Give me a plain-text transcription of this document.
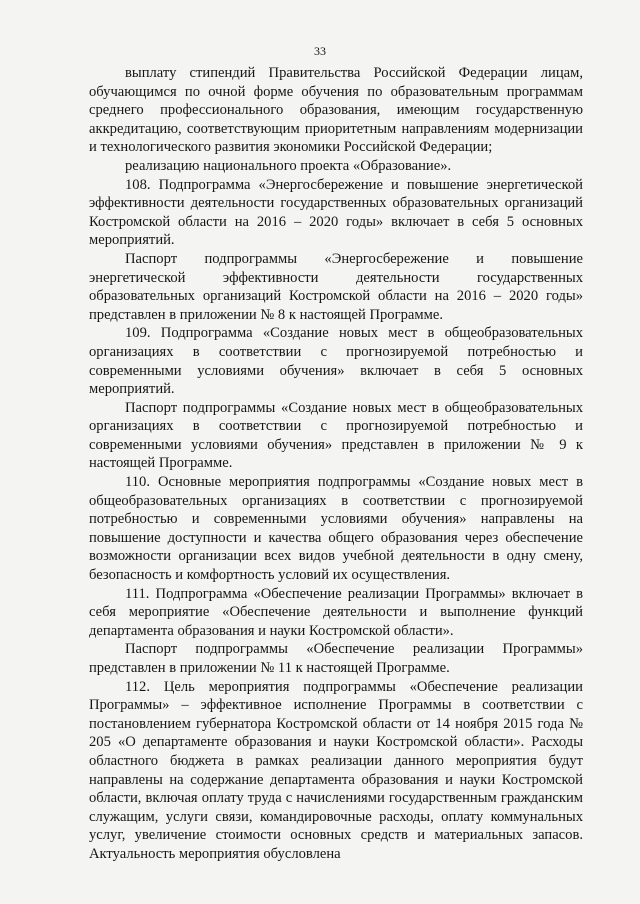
33

выплату стипендий Правительства Российской Федерации лицам, обучающимся по очной форме обучения по образовательным программам среднего профессионального образования, имеющим государственную аккредитацию, соответствующим приоритетным направлениям модернизации и технологического развития экономики Российской Федерации;

реализацию национального проекта «Образование».

108. Подпрограмма «Энергосбережение и повышение энергетической эффективности деятельности государственных образовательных организаций Костромской области на 2016 – 2020 годы» включает в себя 5 основных мероприятий.

Паспорт подпрограммы «Энергосбережение и повышение энергетической эффективности деятельности государственных образовательных организаций Костромской области на 2016 – 2020 годы» представлен в приложении № 8 к настоящей Программе.

109. Подпрограмма «Создание новых мест в общеобразовательных организациях в соответствии с прогнозируемой потребностью и современными условиями обучения» включает в себя 5 основных мероприятий.

Паспорт подпрограммы «Создание новых мест в общеобразовательных организациях в соответствии с прогнозируемой потребностью и современными условиями обучения» представлен в приложении № 9 к настоящей Программе.

110. Основные мероприятия подпрограммы «Создание новых мест в общеобразовательных организациях в соответствии с прогнозируемой потребностью и современными условиями обучения» направлены на повышение доступности и качества общего образования через обеспечение возможности организации всех видов учебной деятельности в одну смену, безопасность и комфортность условий их осуществления.

111. Подпрограмма «Обеспечение реализации Программы» включает в себя мероприятие «Обеспечение деятельности и выполнение функций департамента образования и науки Костромской области».

Паспорт подпрограммы «Обеспечение реализации Программы» представлен в приложении № 11 к настоящей Программе.

112. Цель мероприятия подпрограммы «Обеспечение реализации Программы» – эффективное исполнение Программы в соответствии с постановлением губернатора Костромской области от 14 ноября 2015 года № 205 «О департаменте образования и науки Костромской области». Расходы областного бюджета в рамках реализации данного мероприятия будут направлены на содержание департамента образования и науки Костромской области, включая оплату труда с начислениями государственным гражданским служащим, услуги связи, командировочные расходы, оплату коммунальных услуг, увеличение стоимости основных средств и материальных запасов. Актуальность мероприятия обусловлена
